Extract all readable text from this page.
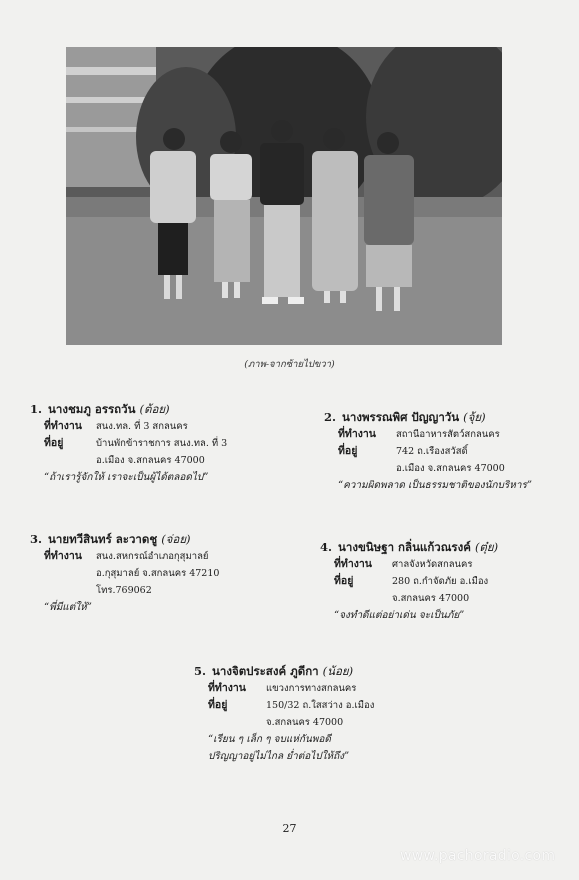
(ภาพ-จากซ้ายไปขวา)
1. นางชมภู อรรถวัน (ต้อย)
ที่ทำงาน สนง.ทล. ที่ 3 สกลนคร
ที่อยู่	บ้านพักข้าราชการ สนง.ทล. ที่ 3
อ.เมือง จ.สกลนคร 47000
“ถ้าเรารู้จักให้ เราจะเป็นผู้ได้ตลอดไป”
2. นางพรรณพิศ ปัญญาวัน (จุ้ย)
ที่ทำงาน สถานีอาหารสัตว์สกลนคร
ที่อยู่	742 ถ.เรืองสวัสดิ์
อ.เมือง จ.สกลนคร 47000
“ความผิดพลาด เป็นธรรมชาติของนักบริหาร”
3. นายทวีสินทร์ ละวาดชู (จ่อย)
ที่ทำงาน สนง.สหกรณ์อำเภอกุสุมาลย์
อ.กุสุมาลย์ จ.สกลนคร 47210
โทร.769062
“พี่มีแต่ให้”
4. นางขนิษฐา กลิ่นแก้วณรงค์ (ตุ๋ย)
ที่ทำงาน ศาลจังหวัดสกลนคร
ที่อยู่	280 ถ.กำจัดภัย อ.เมือง
จ.สกลนคร 47000
“จงทำดีแต่อย่าเด่น จะเป็นภัย”
5. นางจิตประสงค์ ภูดีกา (น้อย)
ที่ทำงาน แขวงการทางสกลนคร
ที่อยู่	150/32 ถ.ใสสว่าง อ.เมือง
จ.สกลนคร 47000
“เรียน ๆ เล็ก ๆ จบแห่กันพอดี
ปริญญาอยู่ไม่ไกล ย่ำต่อไปให้ถึง”
27
www.pachoradio.com
